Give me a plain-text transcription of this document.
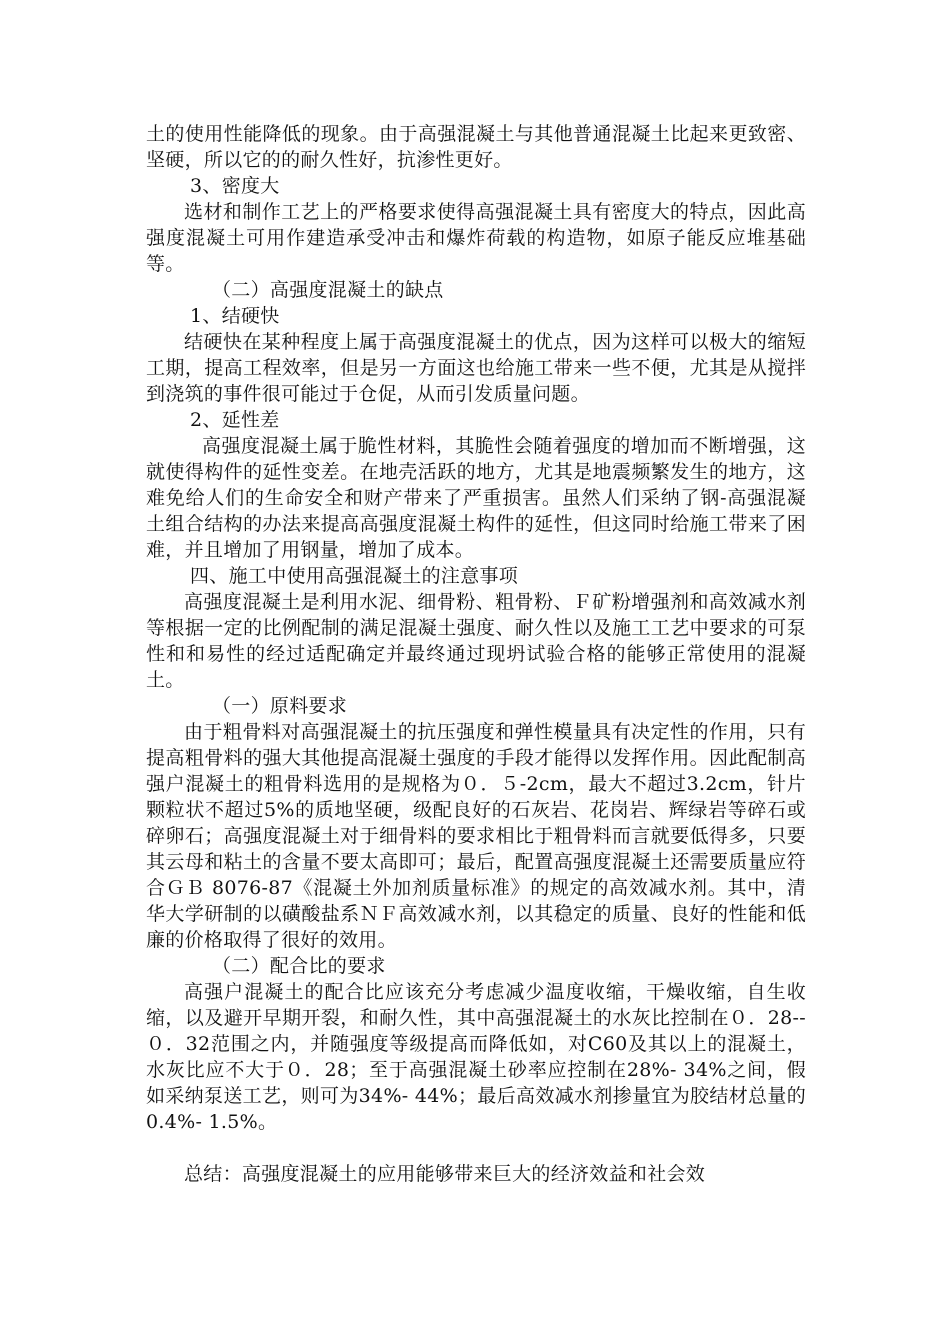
土的使用性能降低的现象。由于高强混凝土与其他普通混凝土比起来更致密、坚硬，所以它的的耐久性好，抗渗性更好。

3、密度大

选材和制作工艺上的严格要求使得高强混凝土具有密度大的特点，因此高强度混凝土可用作建造承受冲击和爆炸荷载的构造物，如原子能反应堆基础等。

（二）高强度混凝土的缺点

1、结硬快

结硬快在某种程度上属于高强度混凝土的优点，因为这样可以极大的缩短工期，提高工程效率，但是另一方面这也给施工带来一些不便，尤其是从搅拌到浇筑的事件很可能过于仓促，从而引发质量问题。

2、延性差

高强度混凝土属于脆性材料，其脆性会随着强度的增加而不断增强，这就使得构件的延性变差。在地壳活跃的地方，尤其是地震频繁发生的地方，这难免给人们的生命安全和财产带来了严重损害。虽然人们采纳了钢-高强混凝土组合结构的办法来提高高强度混凝土构件的延性，但这同时给施工带来了困难，并且增加了用钢量，增加了成本。

四、施工中使用高强混凝土的注意事项

高强度混凝土是利用水泥、细骨粉、粗骨粉、Ｆ矿粉增强剂和高效减水剂等根据一定的比例配制的满足混凝土强度、耐久性以及施工工艺中要求的可泵性和和易性的经过适配确定并最终通过现坍试验合格的能够正常使用的混凝土。

（一）原料要求

由于粗骨料对高强混凝土的抗压强度和弹性模量具有决定性的作用，只有提高粗骨料的强大其他提高混凝土强度的手段才能得以发挥作用。因此配制高强户混凝土的粗骨料选用的是规格为０．５-2cm，最大不超过3.2cm，针片颗粒状不超过5%的质地坚硬，级配良好的石灰岩、花岗岩、辉绿岩等碎石或碎卵石；高强度混凝土对于细骨料的要求相比于粗骨料而言就要低得多，只要其云母和粘土的含量不要太高即可；最后，配置高强度混凝土还需要质量应符合ＧＢ 8076-87《混凝土外加剂质量标准》的规定的高效减水剂。其中，清华大学研制的以磺酸盐系ＮＦ高效减水剂，以其稳定的质量、良好的性能和低廉的价格取得了很好的效用。

（二）配合比的要求

高强户混凝土的配合比应该充分考虑减少温度收缩，干燥收缩，自生收缩，以及避开早期开裂，和耐久性，其中高强混凝土的水灰比控制在０．28--０．32范围之内，并随强度等级提高而降低如，对C60及其以上的混凝土，水灰比应不大于０．28；至于高强混凝土砂率应控制在28%- 34%之间，假如采纳泵送工艺，则可为34%- 44%；最后高效减水剂掺量宜为胶结材总量的0.4%- 1.5%。

总结：高强度混凝土的应用能够带来巨大的经济效益和社会效
